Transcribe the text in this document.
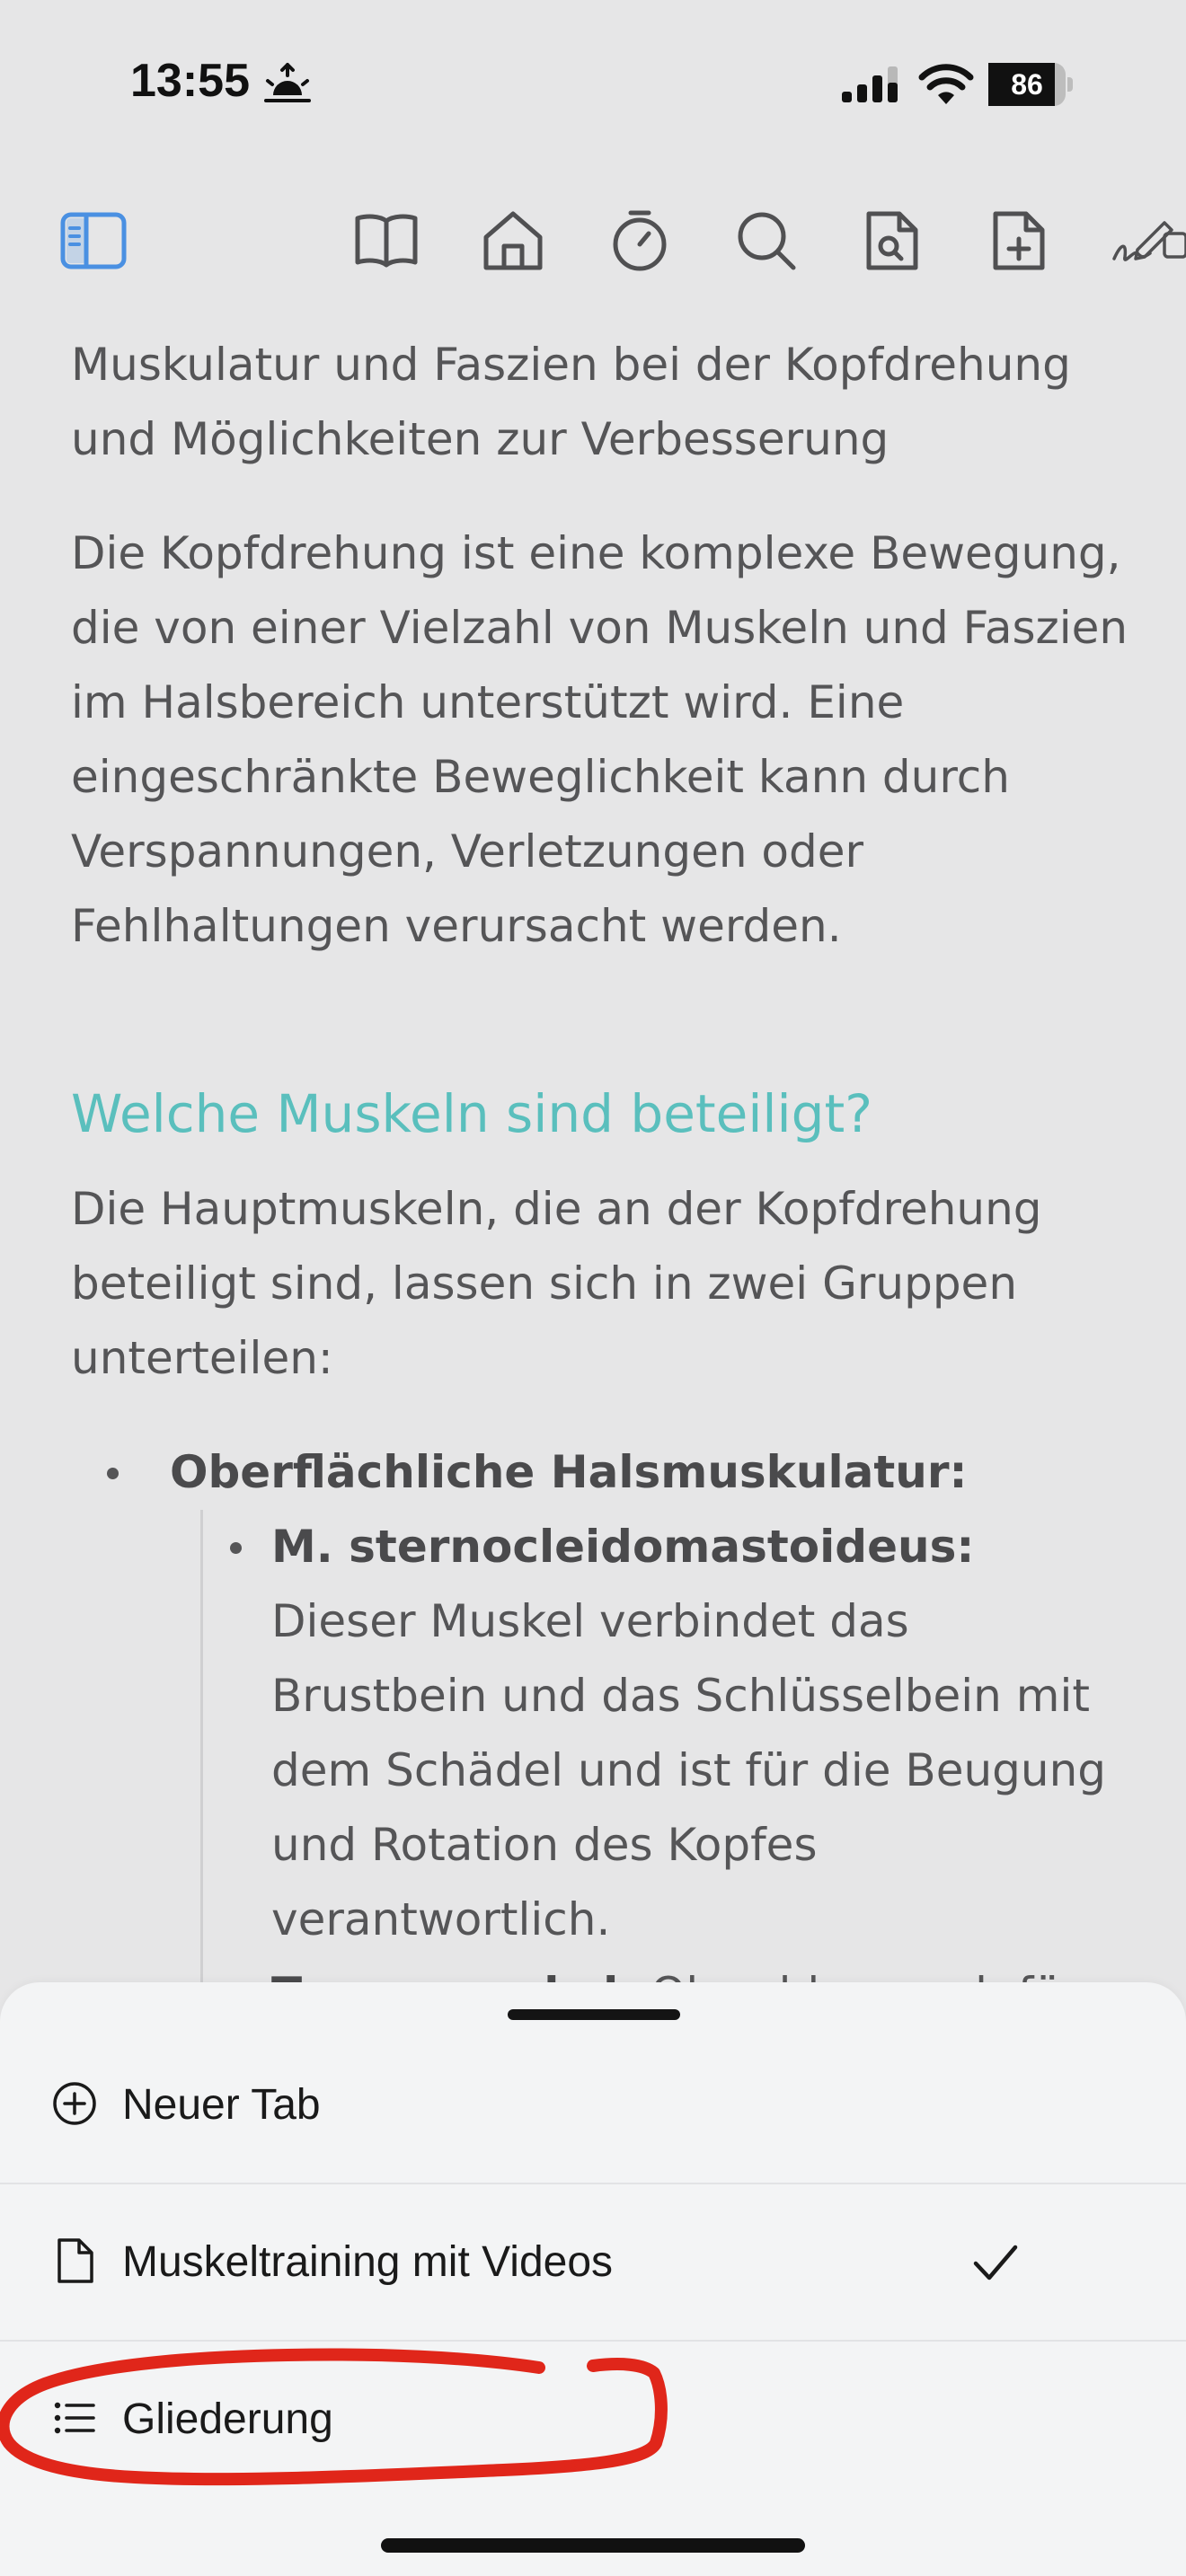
13:55	86

Muskulatur und Faszien bei der Kopfdrehung und Möglichkeiten zur Verbesserung

Die Kopfdrehung ist eine komplexe Bewegung, die von einer Vielzahl von Muskeln und Faszien im Halsbereich unterstützt wird. Eine eingeschränkte Beweglichkeit kann durch Verspannungen, Verletzungen oder Fehlhaltungen verursacht werden.

Welche Muskeln sind beteiligt?

Die Hauptmuskeln, die an der Kopfdrehung beteiligt sind, lassen sich in zwei Gruppen unterteilen:

Oberflächliche Halsmuskulatur:
M. sternocleidomastoideus: Dieser Muskel verbindet das Brustbein und das Schlüsselbein mit dem Schädel und ist für die Beugung und Rotation des Kopfes verantwortlich.
Neuer Tab
Muskeltraining mit Videos
Gliederung
